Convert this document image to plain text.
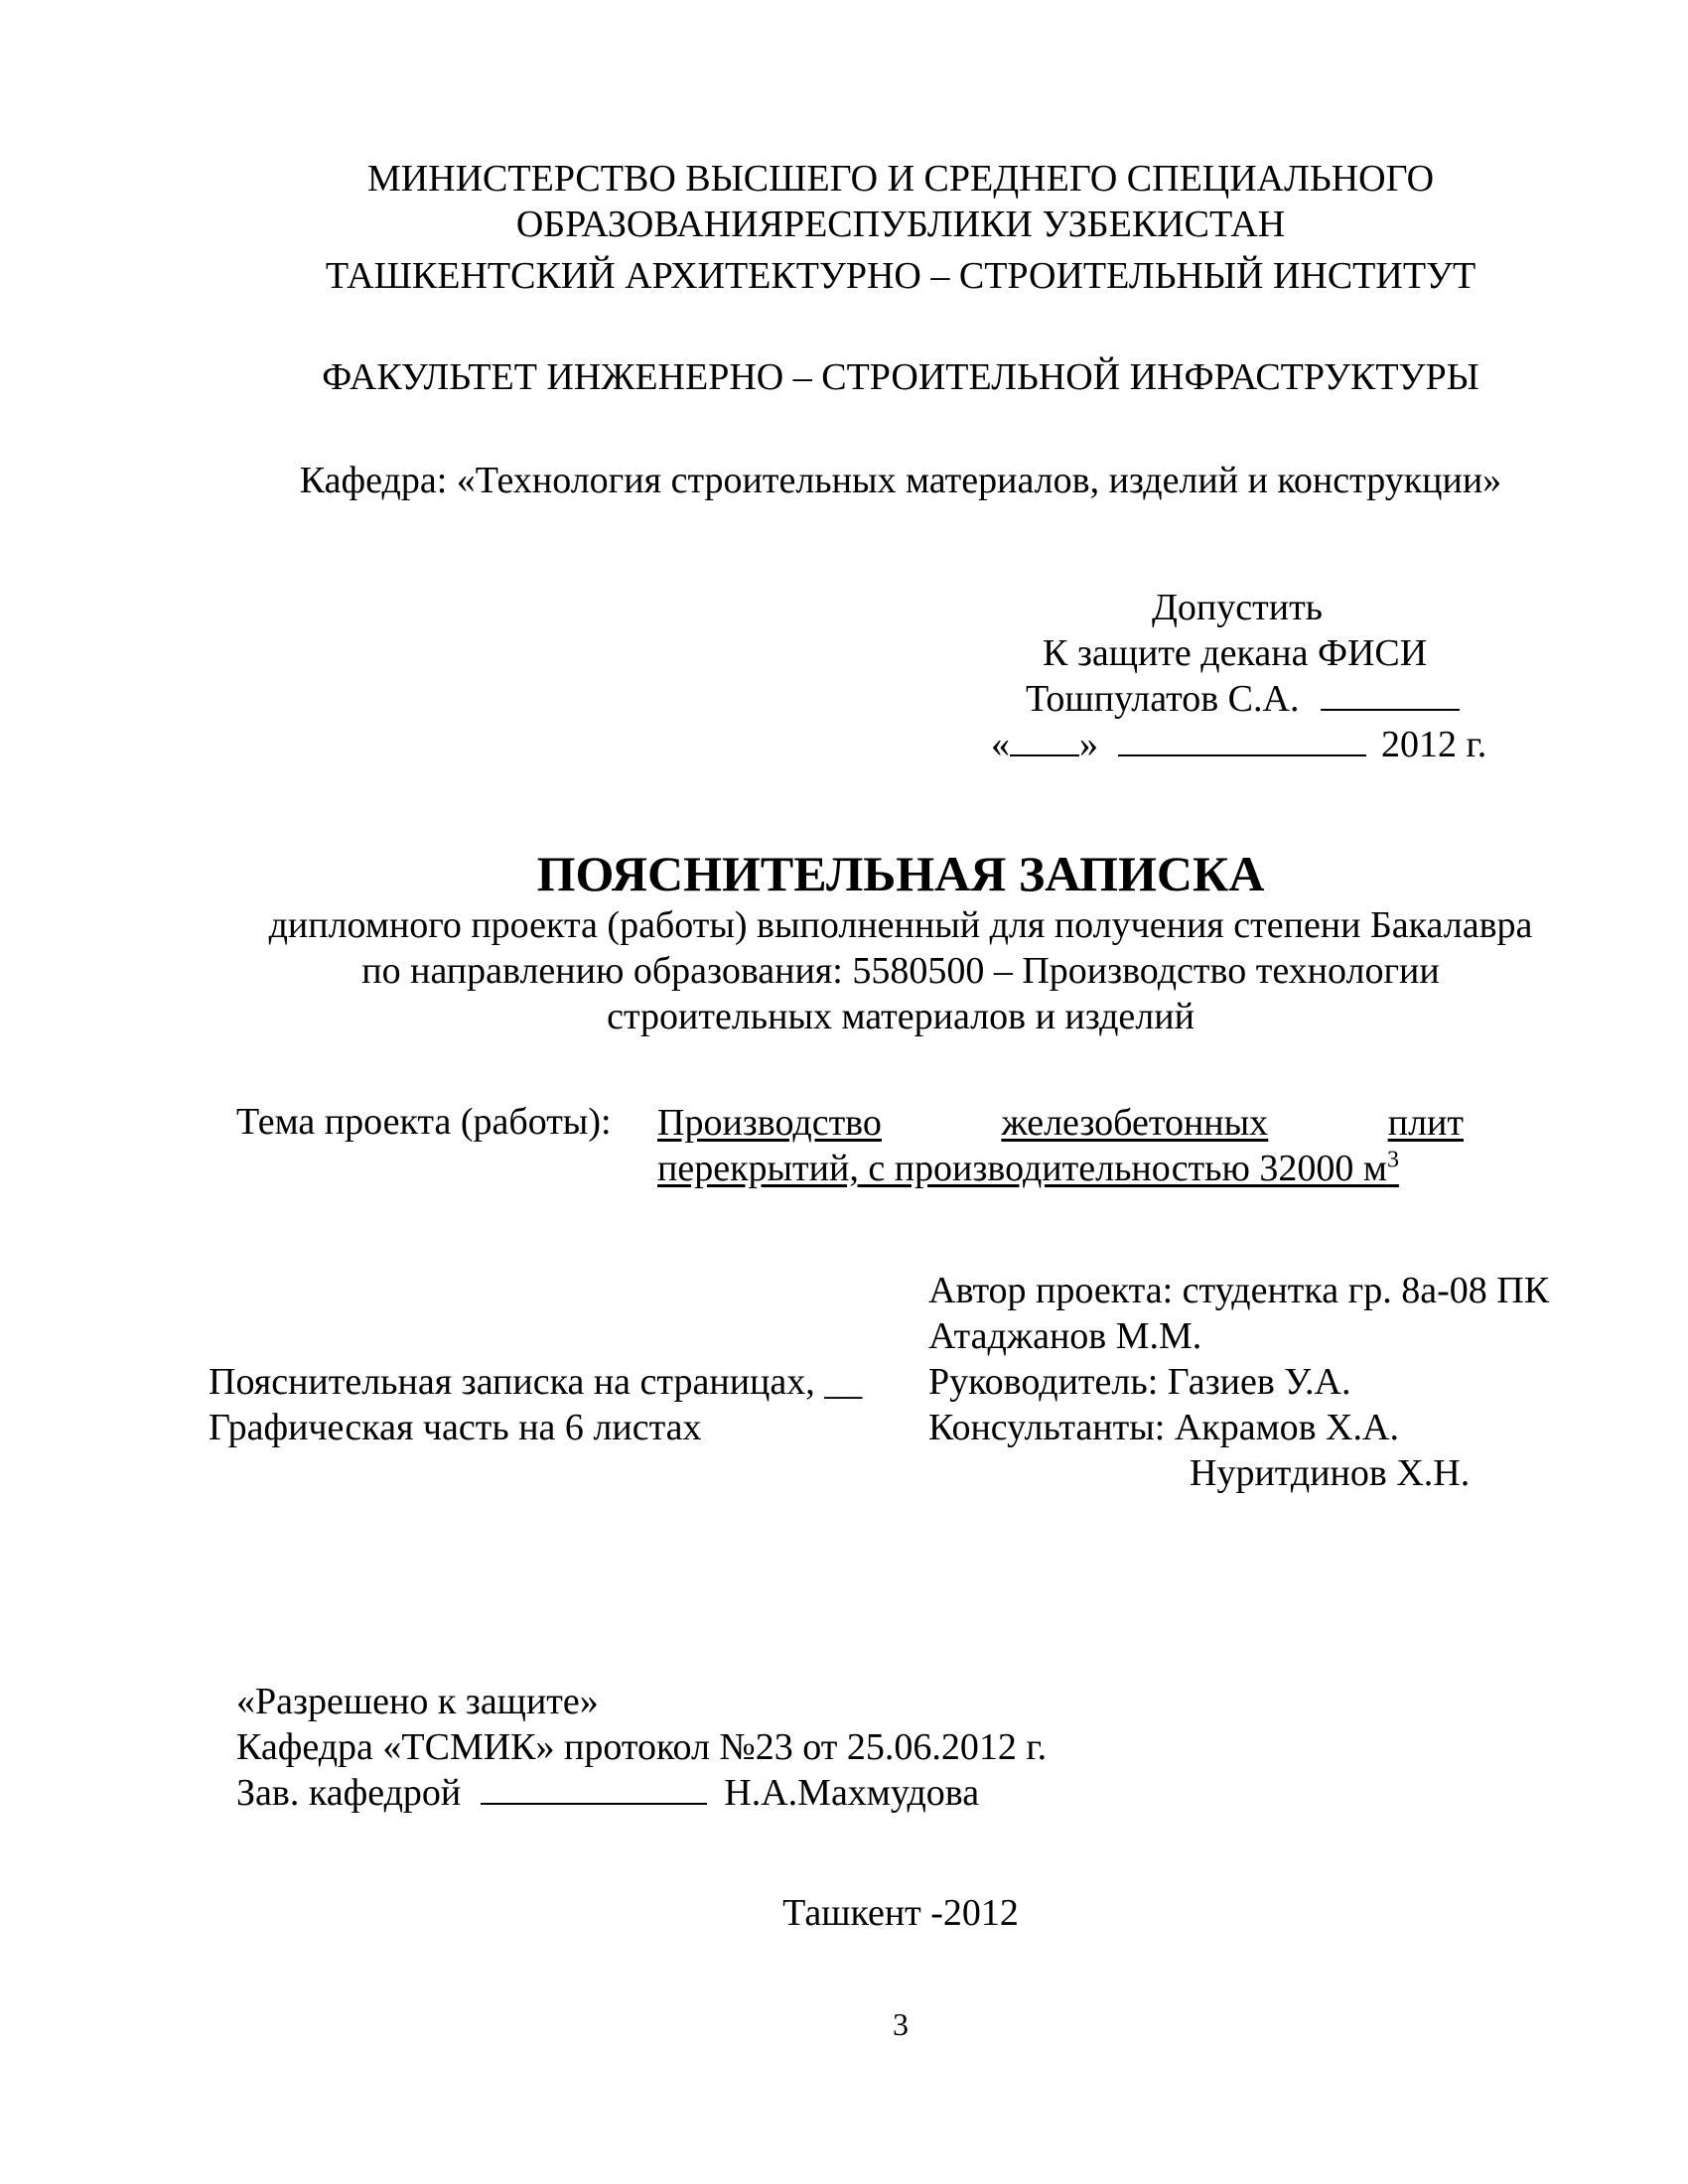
МИНИСТЕРСТВО ВЫСШЕГО И СРЕДНЕГО СПЕЦИАЛЬНОГО
ОБРАЗОВАНИЯРЕСПУБЛИКИ УЗБЕКИСТАН
ТАШКЕНТСКИЙ АРХИТЕКТУРНО – СТРОИТЕЛЬНЫЙ ИНСТИТУТ
ФАКУЛЬТЕТ ИНЖЕНЕРНО – СТРОИТЕЛЬНОЙ ИНФРАСТРУКТУРЫ
Кафедра: «Технология строительных материалов, изделий и конструкции»
Допустить
К защите декана ФИСИ
Тошпулатов С.А.
« »	2012 г.
ПОЯСНИТЕЛЬНАЯ ЗАПИСКА
дипломного проекта (работы) выполненный для получения степени Бакалавра
по направлению образования: 5580500 – Производство технологии
строительных материалов и изделий
Тема проекта (работы): Производство	железобетонных	плит
перекрытий, с производительностью 32000 $м^3$
Автор проекта: студентка гр. 8а-08 ПК
Атаджанов М.М.
Пояснительная записка на страницах, __ Руководитель: Газиев У.А.
Графическая часть на 6 листах	Консультанты: Акрамов Х.А.
Нуритдинов Х.Н.
«Разрешено к защите»
Кафедра «ТСМИК» протокол №23 от 25.06.2012 г.
Зав. кафедрой	Н.А.Махмудова
Ташкент -2012
3
